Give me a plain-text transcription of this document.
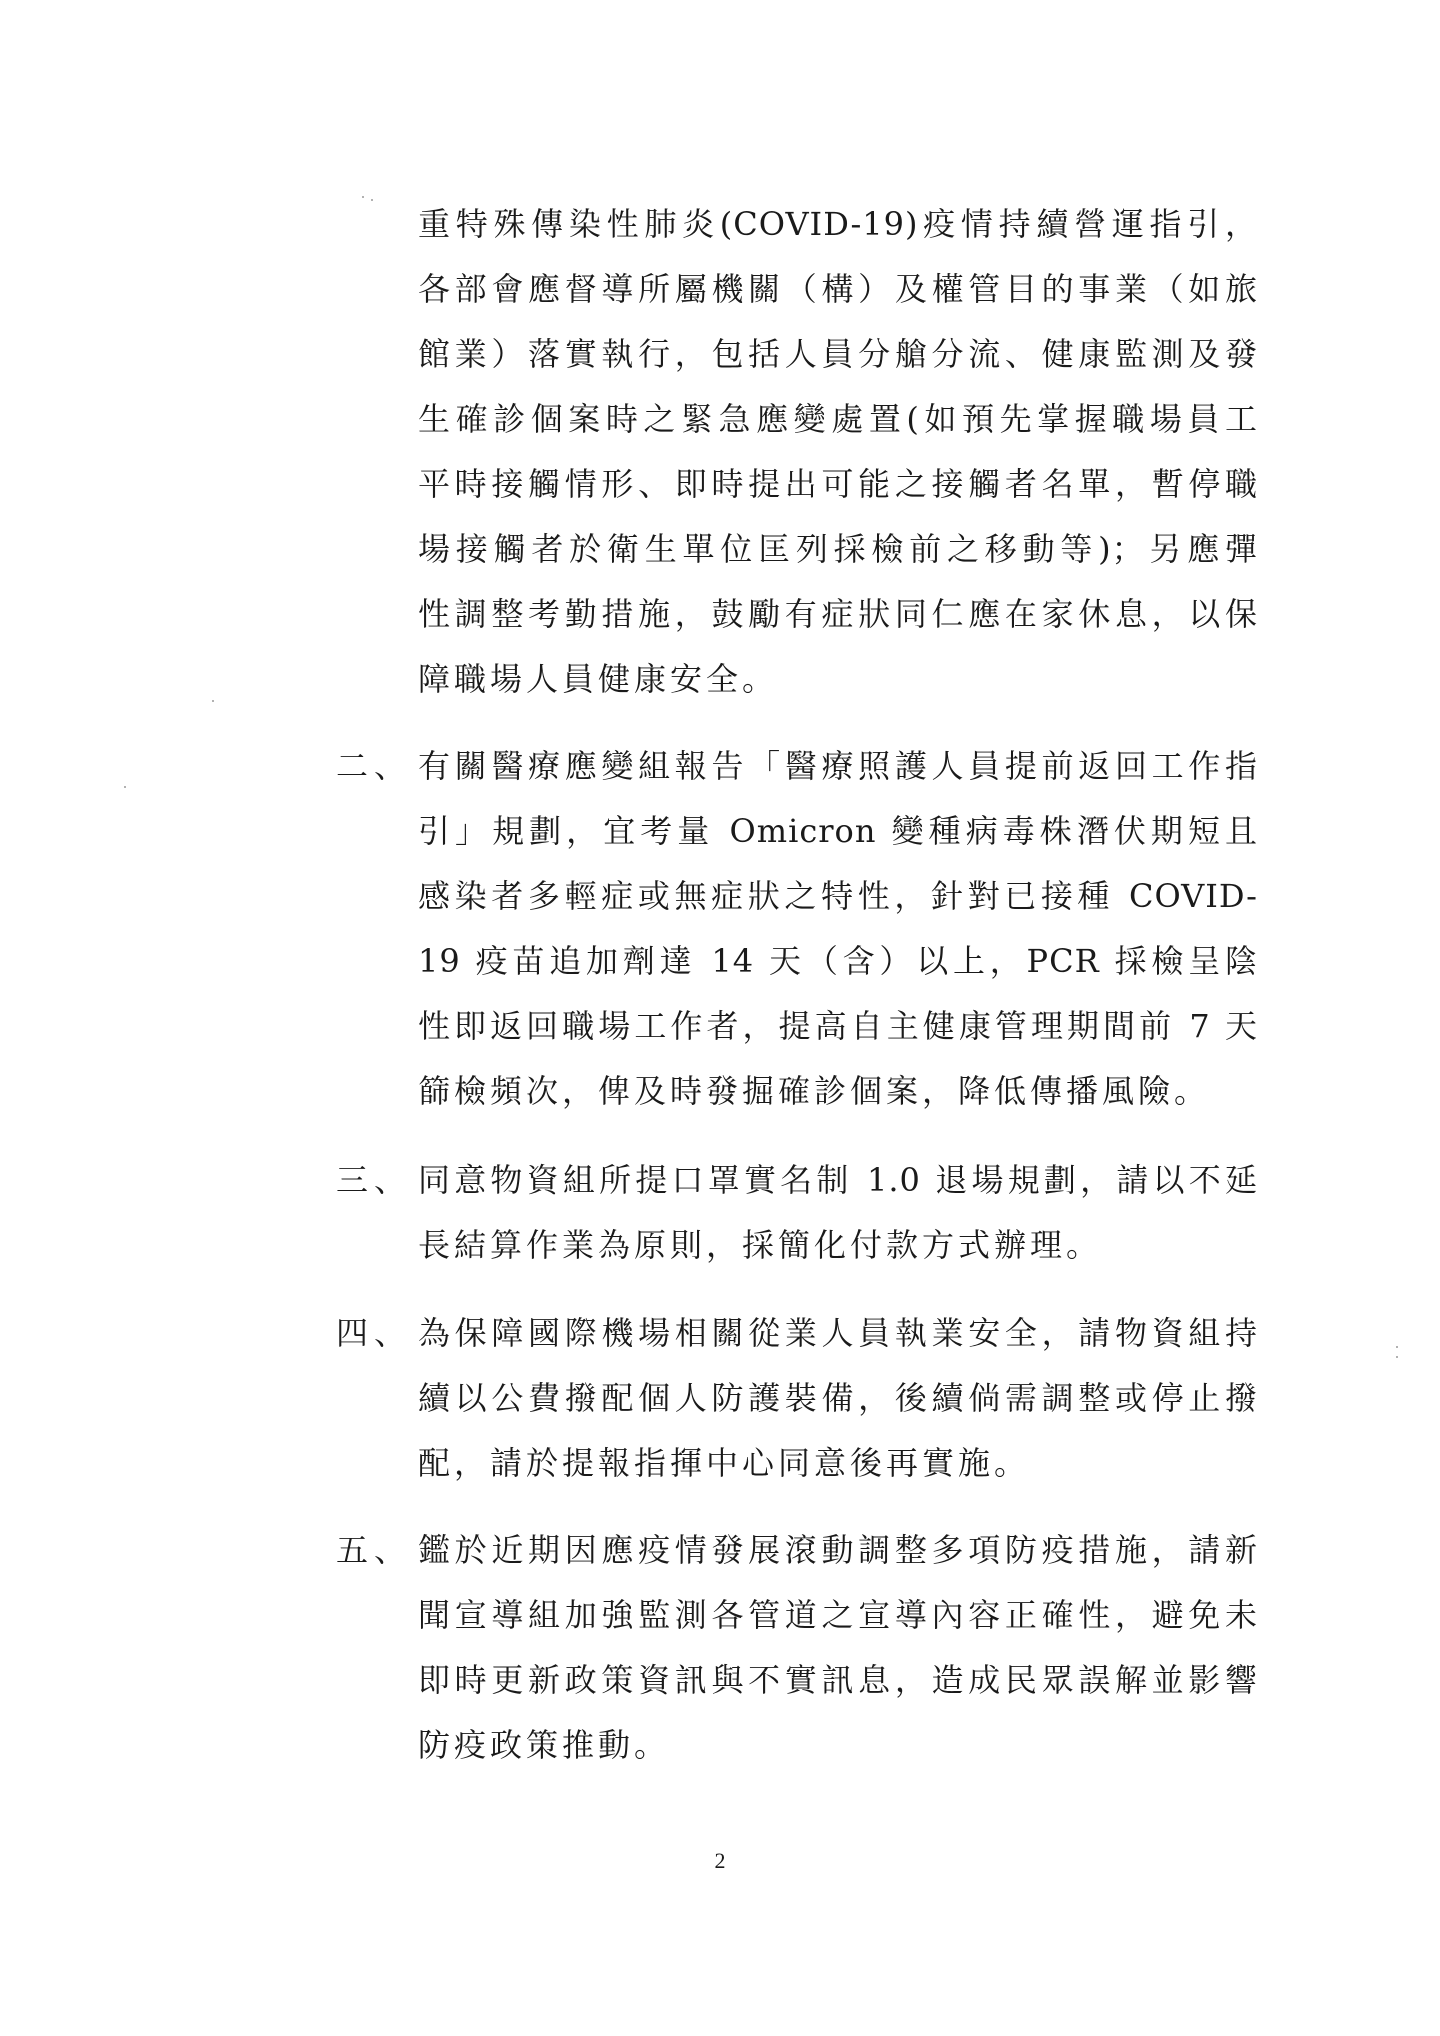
重特殊傳染性肺炎(COVID-19)疫情持續營運指引，
各部會應督導所屬機關（構）及權管目的事業（如旅
館業）落實執行，包括人員分艙分流、健康監測及發
生確診個案時之緊急應變處置(如預先掌握職場員工
平時接觸情形、即時提出可能之接觸者名單，暫停職
場接觸者於衛生單位匡列採檢前之移動等)；另應彈
性調整考勤措施，鼓勵有症狀同仁應在家休息，以保
障職場人員健康安全。
二、 有關醫療應變組報告「醫療照護人員提前返回工作指
引」規劃，宜考量 Omicron 變種病毒株潛伏期短且
感染者多輕症或無症狀之特性，針對已接種 COVID-
19 疫苗追加劑達 14 天（含）以上，PCR 採檢呈陰
性即返回職場工作者，提高自主健康管理期間前 7 天
篩檢頻次，俾及時發掘確診個案，降低傳播風險。
三、 同意物資組所提口罩實名制 1.0 退場規劃，請以不延
長結算作業為原則，採簡化付款方式辦理。
四、 為保障國際機場相關從業人員執業安全，請物資組持
續以公費撥配個人防護裝備，後續倘需調整或停止撥
配，請於提報指揮中心同意後再實施。
五、 鑑於近期因應疫情發展滾動調整多項防疫措施，請新
聞宣導組加強監測各管道之宣導內容正確性，避免未
即時更新政策資訊與不實訊息，造成民眾誤解並影響
防疫政策推動。
2
